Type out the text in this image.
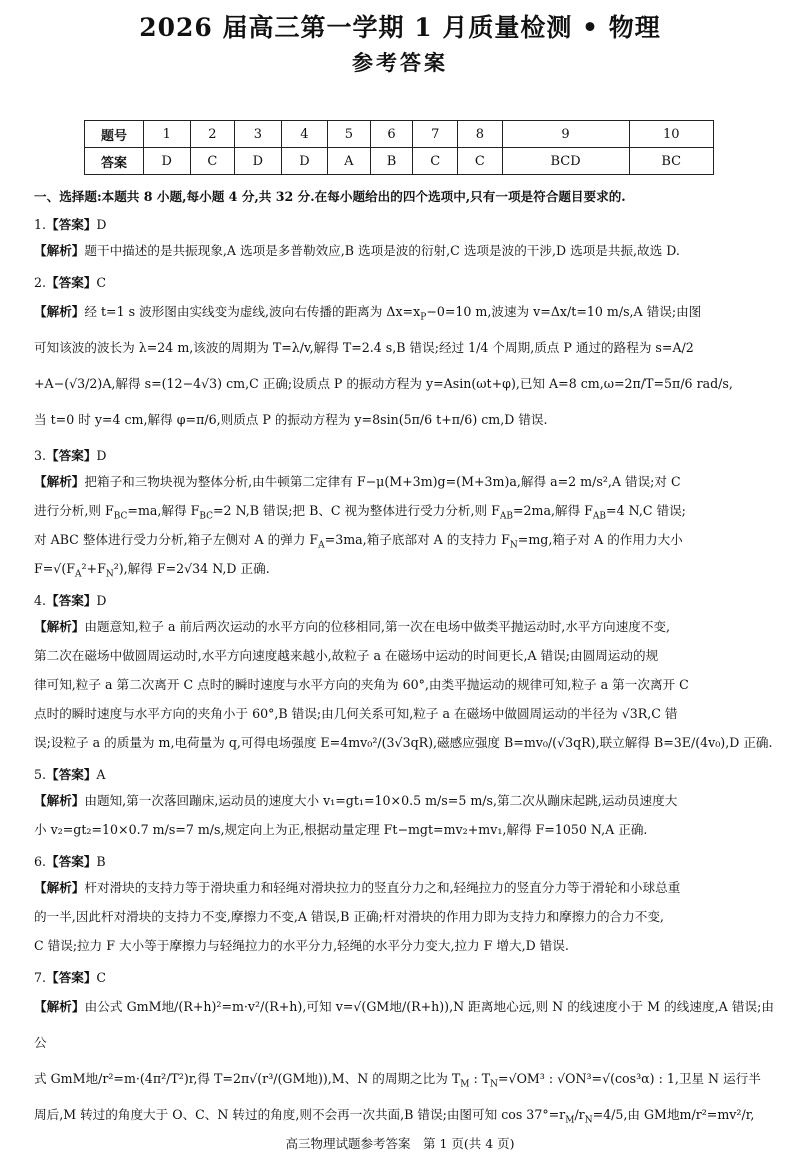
2026 届高三第一学期 1 月质量检测 • 物理
参考答案
题号	1	2	3	4	5	6	7	8	9	10
答案	D	C	D	D	A	B	C	C	BCD	BC
一、选择题:本题共 8 小题,每小题 4 分,共 32 分.在每小题给出的四个选项中,只有一项是符合题目要求的.

1.【答案】D

【解析】题干中描述的是共振现象,A 选项是多普勒效应,B 选项是波的衍射,C 选项是波的干涉,D 选项是共振,故选 D.

2.【答案】C

【解析】经 t=1 s 波形图由实线变为虚线,波向右传播的距离为 $\Delta x=x_P-0=10$ m,波速为 v=Δx/t=10 m/s,A 错误;由图
可知该波的波长为 λ=24 m,该波的周期为 T=λ/v,解得 T=2.4 s,B 错误;经过 1/4 个周期,质点 P 通过的路程为 s=A/2
+A−(√3/2)A,解得 s=(12−4√3) cm,C 正确;设质点 P 的振动方程为 y=Asin(ωt+φ),已知 A=8 cm,ω=2π/T=5π/6 rad/s,
当 t=0 时 y=4 cm,解得 φ=π/6,则质点 P 的振动方程为 y=8sin(5π/6 t+π/6) cm,D 错误.

3.【答案】D

【解析】把箱子和三物块视为整体分析,由牛顿第二定律有 F−μ(M+3m)g=(M+3m)a,解得 a=2 m/s²,A 错误;对 C
进行分析,则 $F_{BC}=ma$,解得 $F_{BC}=2$ N,B 错误;把 B、C 视为整体进行受力分析,则 $F_{AB}=2ma$,解得 $F_{AB}=4$ N,C 错误;
对 ABC 整体进行受力分析,箱子左侧对 A 的弹力 $F_A=3ma$,箱子底部对 A 的支持力 $F_N=mg$,箱子对 A 的作用力大小
$F=√(F_A^2+F_N^2)$,解得 F=2√34 N,D 正确.

4.【答案】D

【解析】由题意知,粒子 a 前后两次运动的水平方向的位移相同,第一次在电场中做类平抛运动时,水平方向速度不变,
第二次在磁场中做圆周运动时,水平方向速度越来越小,故粒子 a 在磁场中运动的时间更长,A 错误;由圆周运动的规
律可知,粒子 a 第二次离开 C 点时的瞬时速度与水平方向的夹角为 60°,由类平抛运动的规律可知,粒子 a 第一次离开 C
点时的瞬时速度与水平方向的夹角小于 60°,B 错误;由几何关系可知,粒子 a 在磁场中做圆周运动的半径为 √3R,C 错
误;设粒子 a 的质量为 m,电荷量为 q,可得电场强度 E=4mv₀²/(3√3qR),磁感应强度 B=mv₀/(√3qR),联立解得 B=3E/(4v₀),D 正确.

5.【答案】A

【解析】由题知,第一次落回蹦床,运动员的速度大小 v₁=gt₁=10×0.5 m/s=5 m/s,第二次从蹦床起跳,运动员速度大
小 v₂=gt₂=10×0.7 m/s=7 m/s,规定向上为正,根据动量定理 Ft−mgt=mv₂+mv₁,解得 F=1050 N,A 正确.

6.【答案】B

【解析】杆对滑块的支持力等于滑块重力和轻绳对滑块拉力的竖直分力之和,轻绳拉力的竖直分力等于滑轮和小球总重
的一半,因此杆对滑块的支持力不变,摩擦力不变,A 错误,B 正确;杆对滑块的作用力即为支持力和摩擦力的合力不变,
C 错误;拉力 F 大小等于摩擦力与轻绳拉力的水平分力,轻绳的水平分力变大,拉力 F 增大,D 错误.

7.【答案】C

【解析】由公式 GmM地/(R+h)²=m·v²/(R+h),可知 v=√(GM地/(R+h)),N 距离地心远,则 N 的线速度小于 M 的线速度,A 错误;由公
式 GmM地/r²=m·(4π²/T²)r,得 T=2π√(r³/(GM地)),M、N 的周期之比为 $T_M$ : $T_N=√OM^3$ : √ON³=√(cos³α) : 1,卫星 N 运行半
周后,M 转过的角度大于 O、C、N 转过的角度,则不会再一次共面,B 错误;由图可知 $\cos 37^\circ=r_M/r_N=4/5$,由 GM地m/r²=mv²/r,

高三物理试题参考答案　第 1 页(共 4 页)
